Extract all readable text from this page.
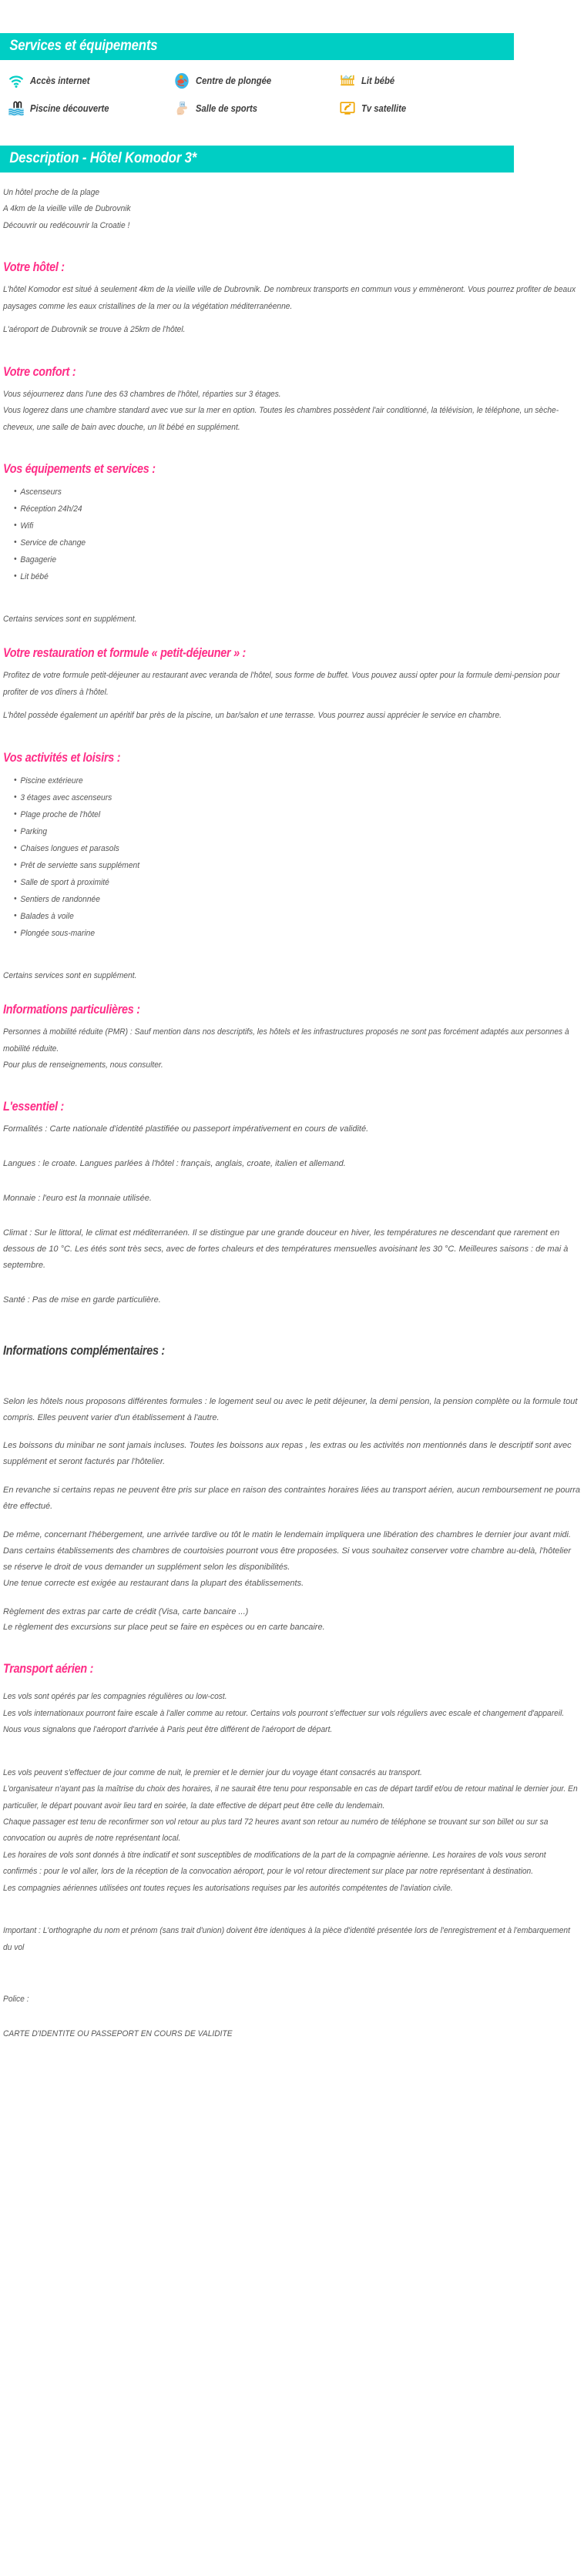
Services et équipements
Accès internet	Centre de plongée	Lit bébé
Piscine découverte	Salle de sports	Tv satellite
Description - Hôtel Komodor 3*

Un hôtel proche de la plage

A 4km de la vieille ville de Dubrovnik

Découvrir ou redécouvrir la Croatie !

Votre hôtel :

L'hôtel Komodor est situé à seulement 4km de la vieille ville de Dubrovnik. De nombreux transports en commun vous y emmèneront. Vous pourrez profiter de beaux paysages comme les eaux cristallines de la mer ou la végétation méditerranéenne.

L'aéroport de Dubrovnik se trouve à 25km de l'hôtel.

Votre confort :

Vous séjournerez dans l'une des 63 chambres de l'hôtel, réparties sur 3 étages.

Vous logerez dans une chambre standard avec vue sur la mer en option. Toutes les chambres possèdent l'air conditionné, la télévision, le téléphone, un sèche-cheveux, une salle de bain avec douche, un lit bébé en supplément.

Vos équipements et services :
• Ascenseurs
• Réception 24h/24
• Wifi
• Service de change
• Bagagerie
• Lit bébé

Certains services sont en supplément.

Votre restauration et formule « petit-déjeuner » :

Profitez de votre formule petit-déjeuner au restaurant avec veranda de l'hôtel, sous forme de buffet. Vous pouvez aussi opter pour la formule demi-pension pour profiter de vos dîners à l'hôtel.

L'hôtel possède également un apéritif bar près de la piscine, un bar/salon et une terrasse. Vous pourrez aussi apprécier le service en chambre.

Vos activités et loisirs :
• Piscine extérieure
• 3 étages avec ascenseurs
• Plage proche de l'hôtel
• Parking
• Chaises longues et parasols
• Prêt de serviette sans supplément
• Salle de sport à proximité
• Sentiers de randonnée
• Balades à voile
• Plongée sous-marine

Certains services sont en supplément.

Informations particulières :

Personnes à mobilité réduite (PMR) : Sauf mention dans nos descriptifs, les hôtels et les infrastructures proposés ne sont pas forcément adaptés aux personnes à mobilité réduite.

Pour plus de renseignements, nous consulter.

L'essentiel :

Formalités : Carte nationale d'identité plastifiée ou passeport impérativement en cours de validité.

Langues : le croate. Langues parlées à l'hôtel : français, anglais, croate, italien et allemand.

Monnaie : l'euro est la monnaie utilisée.

Climat : Sur le littoral, le climat est méditerranéen. Il se distingue par une grande douceur en hiver, les températures ne descendant que rarement en dessous de 10 °C. Les étés sont très secs, avec de fortes chaleurs et des températures mensuelles avoisinant les 30 °C. Meilleures saisons : de mai à septembre.

Santé : Pas de mise en garde particulière.

Informations complémentaires :

Selon les hôtels nous proposons différentes formules : le logement seul ou avec le petit déjeuner, la demi pension, la pension complète ou la formule tout compris. Elles peuvent varier d'un établissement à l'autre.

Les boissons du minibar ne sont jamais incluses. Toutes les boissons aux repas , les extras ou les activités non mentionnés dans le descriptif sont avec supplément et seront facturés par l'hôtelier.

En revanche si certains repas ne peuvent être pris sur place en raison des contraintes horaires liées au transport aérien, aucun remboursement ne pourra être effectué.

De même, concernant l'hébergement, une arrivée tardive ou tôt le matin le lendemain impliquera une libération des chambres le dernier jour avant midi. Dans certains établissements des chambres de courtoisies pourront vous être proposées. Si vous souhaitez conserver votre chambre au-delà, l'hôtelier se réserve le droit de vous demander un supplément selon les disponibilités.

Une tenue correcte est exigée au restaurant dans la plupart des établissements.

Règlement des extras par carte de crédit (Visa, carte bancaire ...)

Le règlement des excursions sur place peut se faire en espèces ou en carte bancaire.

Transport aérien :

Les vols sont opérés par les compagnies régulières ou low-cost.

Les vols internationaux pourront faire escale à l'aller comme au retour. Certains vols pourront s'effectuer sur vols réguliers avec escale et changement d'appareil. Nous vous signalons que l'aéroport d'arrivée à Paris peut être différent de l'aéroport de départ.

Les vols peuvent s'effectuer de jour comme de nuit, le premier et le dernier jour du voyage étant consacrés au transport.

L'organisateur n'ayant pas la maîtrise du choix des horaires, il ne saurait être tenu pour responsable en cas de départ tardif et/ou de retour matinal le dernier jour. En particulier, le départ pouvant avoir lieu tard en soirée, la date effective de départ peut être celle du lendemain.

Chaque passager est tenu de reconfirmer son vol retour au plus tard 72 heures avant son retour au numéro de téléphone se trouvant sur son billet ou sur sa convocation ou auprès de notre représentant local.

Les horaires de vols sont donnés à titre indicatif et sont susceptibles de modifications de la part de la compagnie aérienne. Les horaires de vols vous seront confirmés : pour le vol aller, lors de la réception de la convocation aéroport, pour le vol retour directement sur place par notre représentant à destination.

Les compagnies aériennes utilisées ont toutes reçues les autorisations requises par les autorités compétentes de l'aviation civile.

Important : L'orthographe du nom et prénom (sans trait d'union) doivent être identiques à la pièce d'identité présentée lors de l'enregistrement et à l'embarquement du vol

Police :

CARTE D'IDENTITE OU PASSEPORT EN COURS DE VALIDITE
